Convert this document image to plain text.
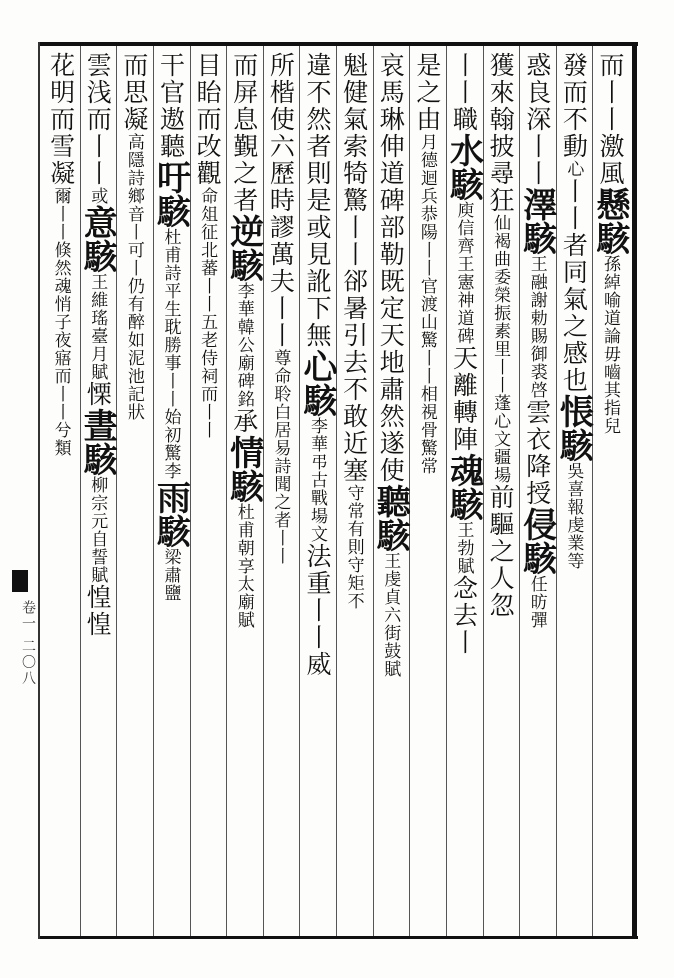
卷一 二〇八
而丨丨激風懸駭孫綽喻道論毋嚙其指兒
發而不動心丨丨者同氣之感也悵駭吳喜報虔業等
惑良深丨丨澤駭王融謝勅賜御裘啓雲衣降授侵駭任昉彈
獲來翰披尋狂仙褐曲委榮振素里丨丨蓬心文疆場前驅之人忽
丨丨職水駭庾信齊王憲神道碑天離轉陣魂駭王勃賦念去丨
是之由月德迴兵恭陽丨丨官渡山驚丨丨相視骨驚常
哀馬琳伸道碑部勒既定天地肅然遂使聽駭王虔貞六街鼓賦
魁健氣索犄驚丨丨郤暑引去不敢近塞守常有則守矩不
違不然者則是或見訛下無心駭李華弔古戰場文法重丨丨威
所楷使六歷時謬萬夫丨丨尊命聆白居易詩聞之者丨丨
而屏息覲之者逆駭李華韓公廟碑銘承情駭杜甫朝享太廟賦
目眙而改觀命俎征北蕃丨丨五老侍祠而丨丨
干官遨聽吁駭杜甫詩平生耽勝事丨丨始初驚李雨駭梁肅鹽
而思凝高隱詩鄉音丨可丨仍有醉如泥池記狀
雲浅而丨丨或意駭王維瑤臺月賦慄晝駭柳宗元自誓賦惶惶
花明而雪凝爾丨丨倏然魂悄子夜寤而丨丨兮類
